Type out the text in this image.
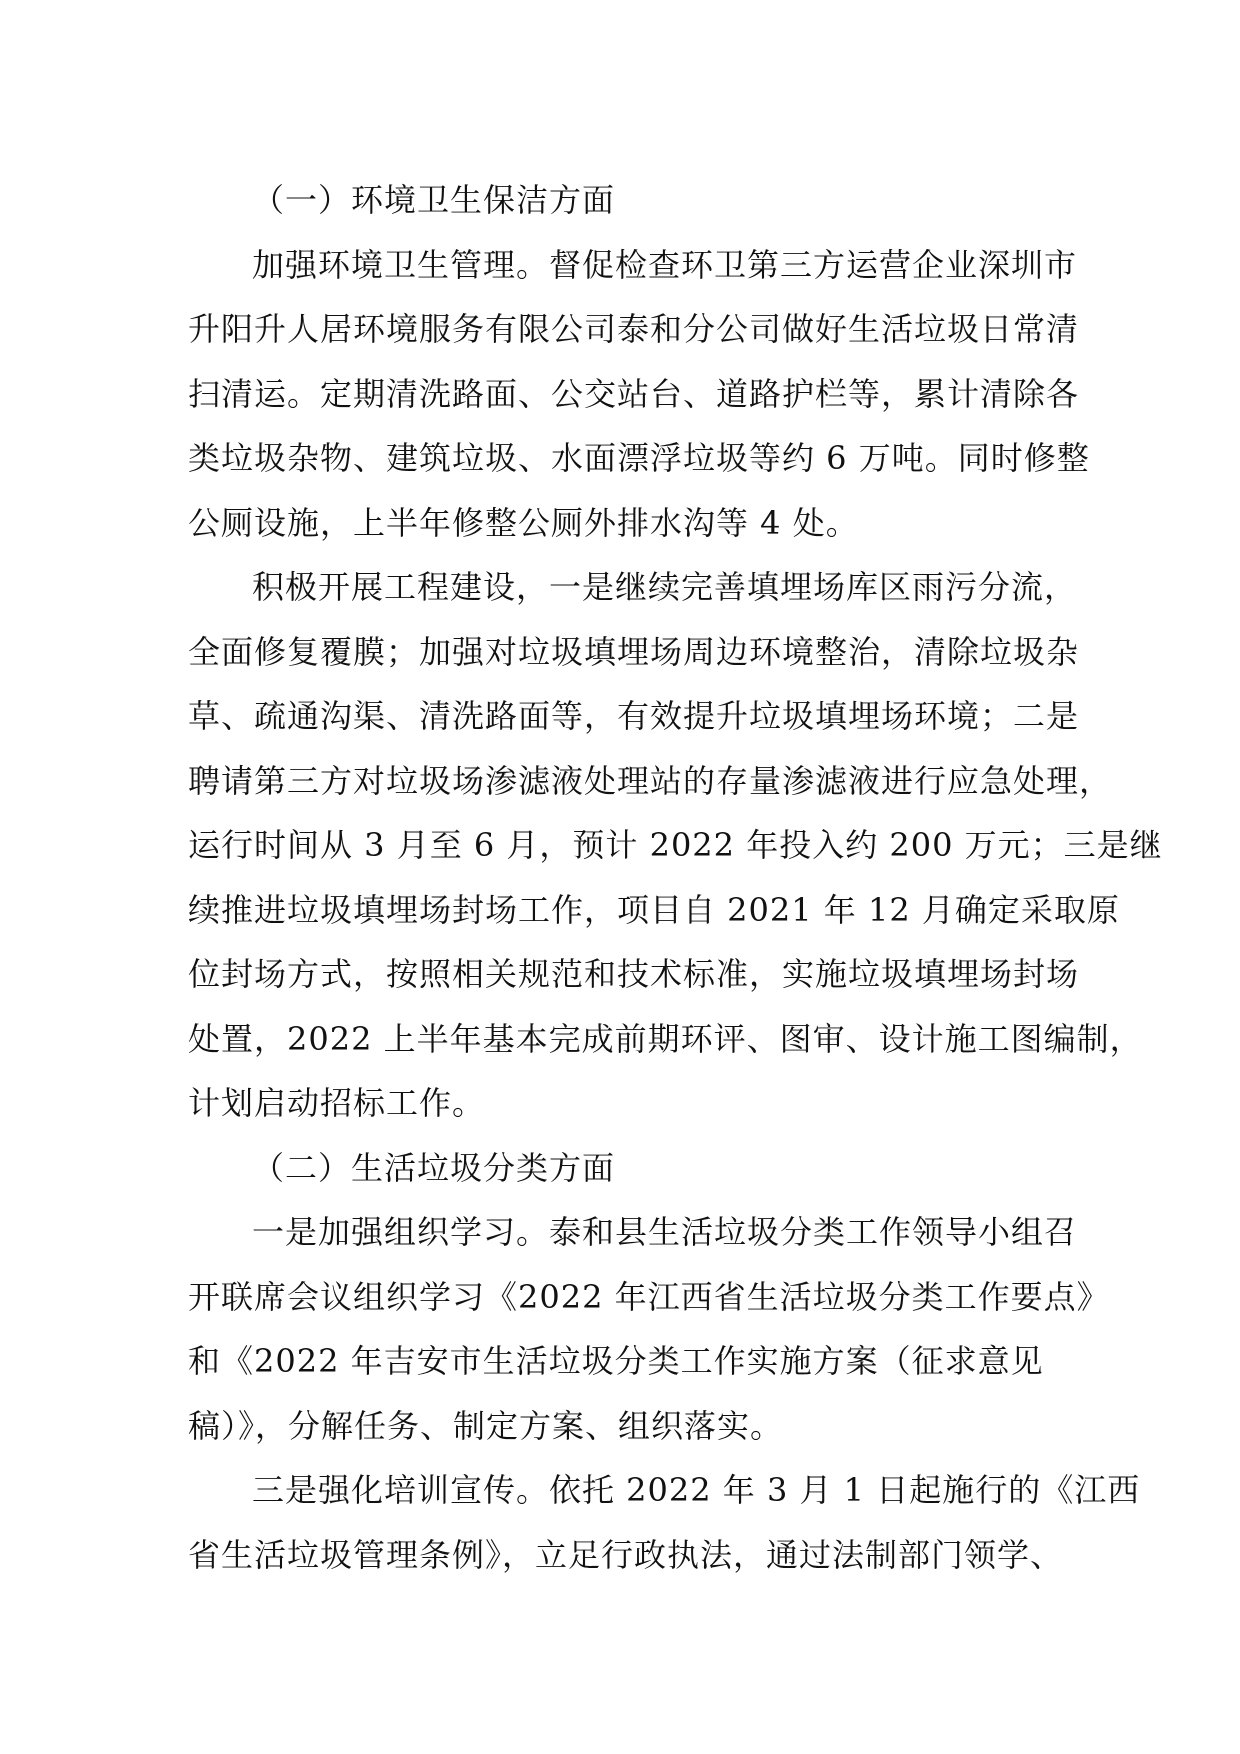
（一）环境卫生保洁方面
加强环境卫生管理。督促检查环卫第三方运营企业深圳市
升阳升人居环境服务有限公司泰和分公司做好生活垃圾日常清
扫清运。定期清洗路面、公交站台、道路护栏等，累计清除各
类垃圾杂物、建筑垃圾、水面漂浮垃圾等约 6 万吨。同时修整
公厕设施，上半年修整公厕外排水沟等 4 处。
积极开展工程建设，一是继续完善填埋场库区雨污分流，
全面修复覆膜；加强对垃圾填埋场周边环境整治，清除垃圾杂
草、疏通沟渠、清洗路面等，有效提升垃圾填埋场环境；二是
聘请第三方对垃圾场渗滤液处理站的存量渗滤液进行应急处理，
运行时间从 3 月至 6 月，预计 2022 年投入约 200 万元；三是继
续推进垃圾填埋场封场工作，项目自 2021 年 12 月确定采取原
位封场方式，按照相关规范和技术标准，实施垃圾填埋场封场
处置，2022 上半年基本完成前期环评、图审、设计施工图编制，
计划启动招标工作。
（二）生活垃圾分类方面
一是加强组织学习。泰和县生活垃圾分类工作领导小组召
开联席会议组织学习《2022 年江西省生活垃圾分类工作要点》
和《2022 年吉安市生活垃圾分类工作实施方案（征求意见
稿）》，分解任务、制定方案、组织落实。
三是强化培训宣传。依托 2022 年 3 月 1 日起施行的《江西
省生活垃圾管理条例》，立足行政执法，通过法制部门领学、
